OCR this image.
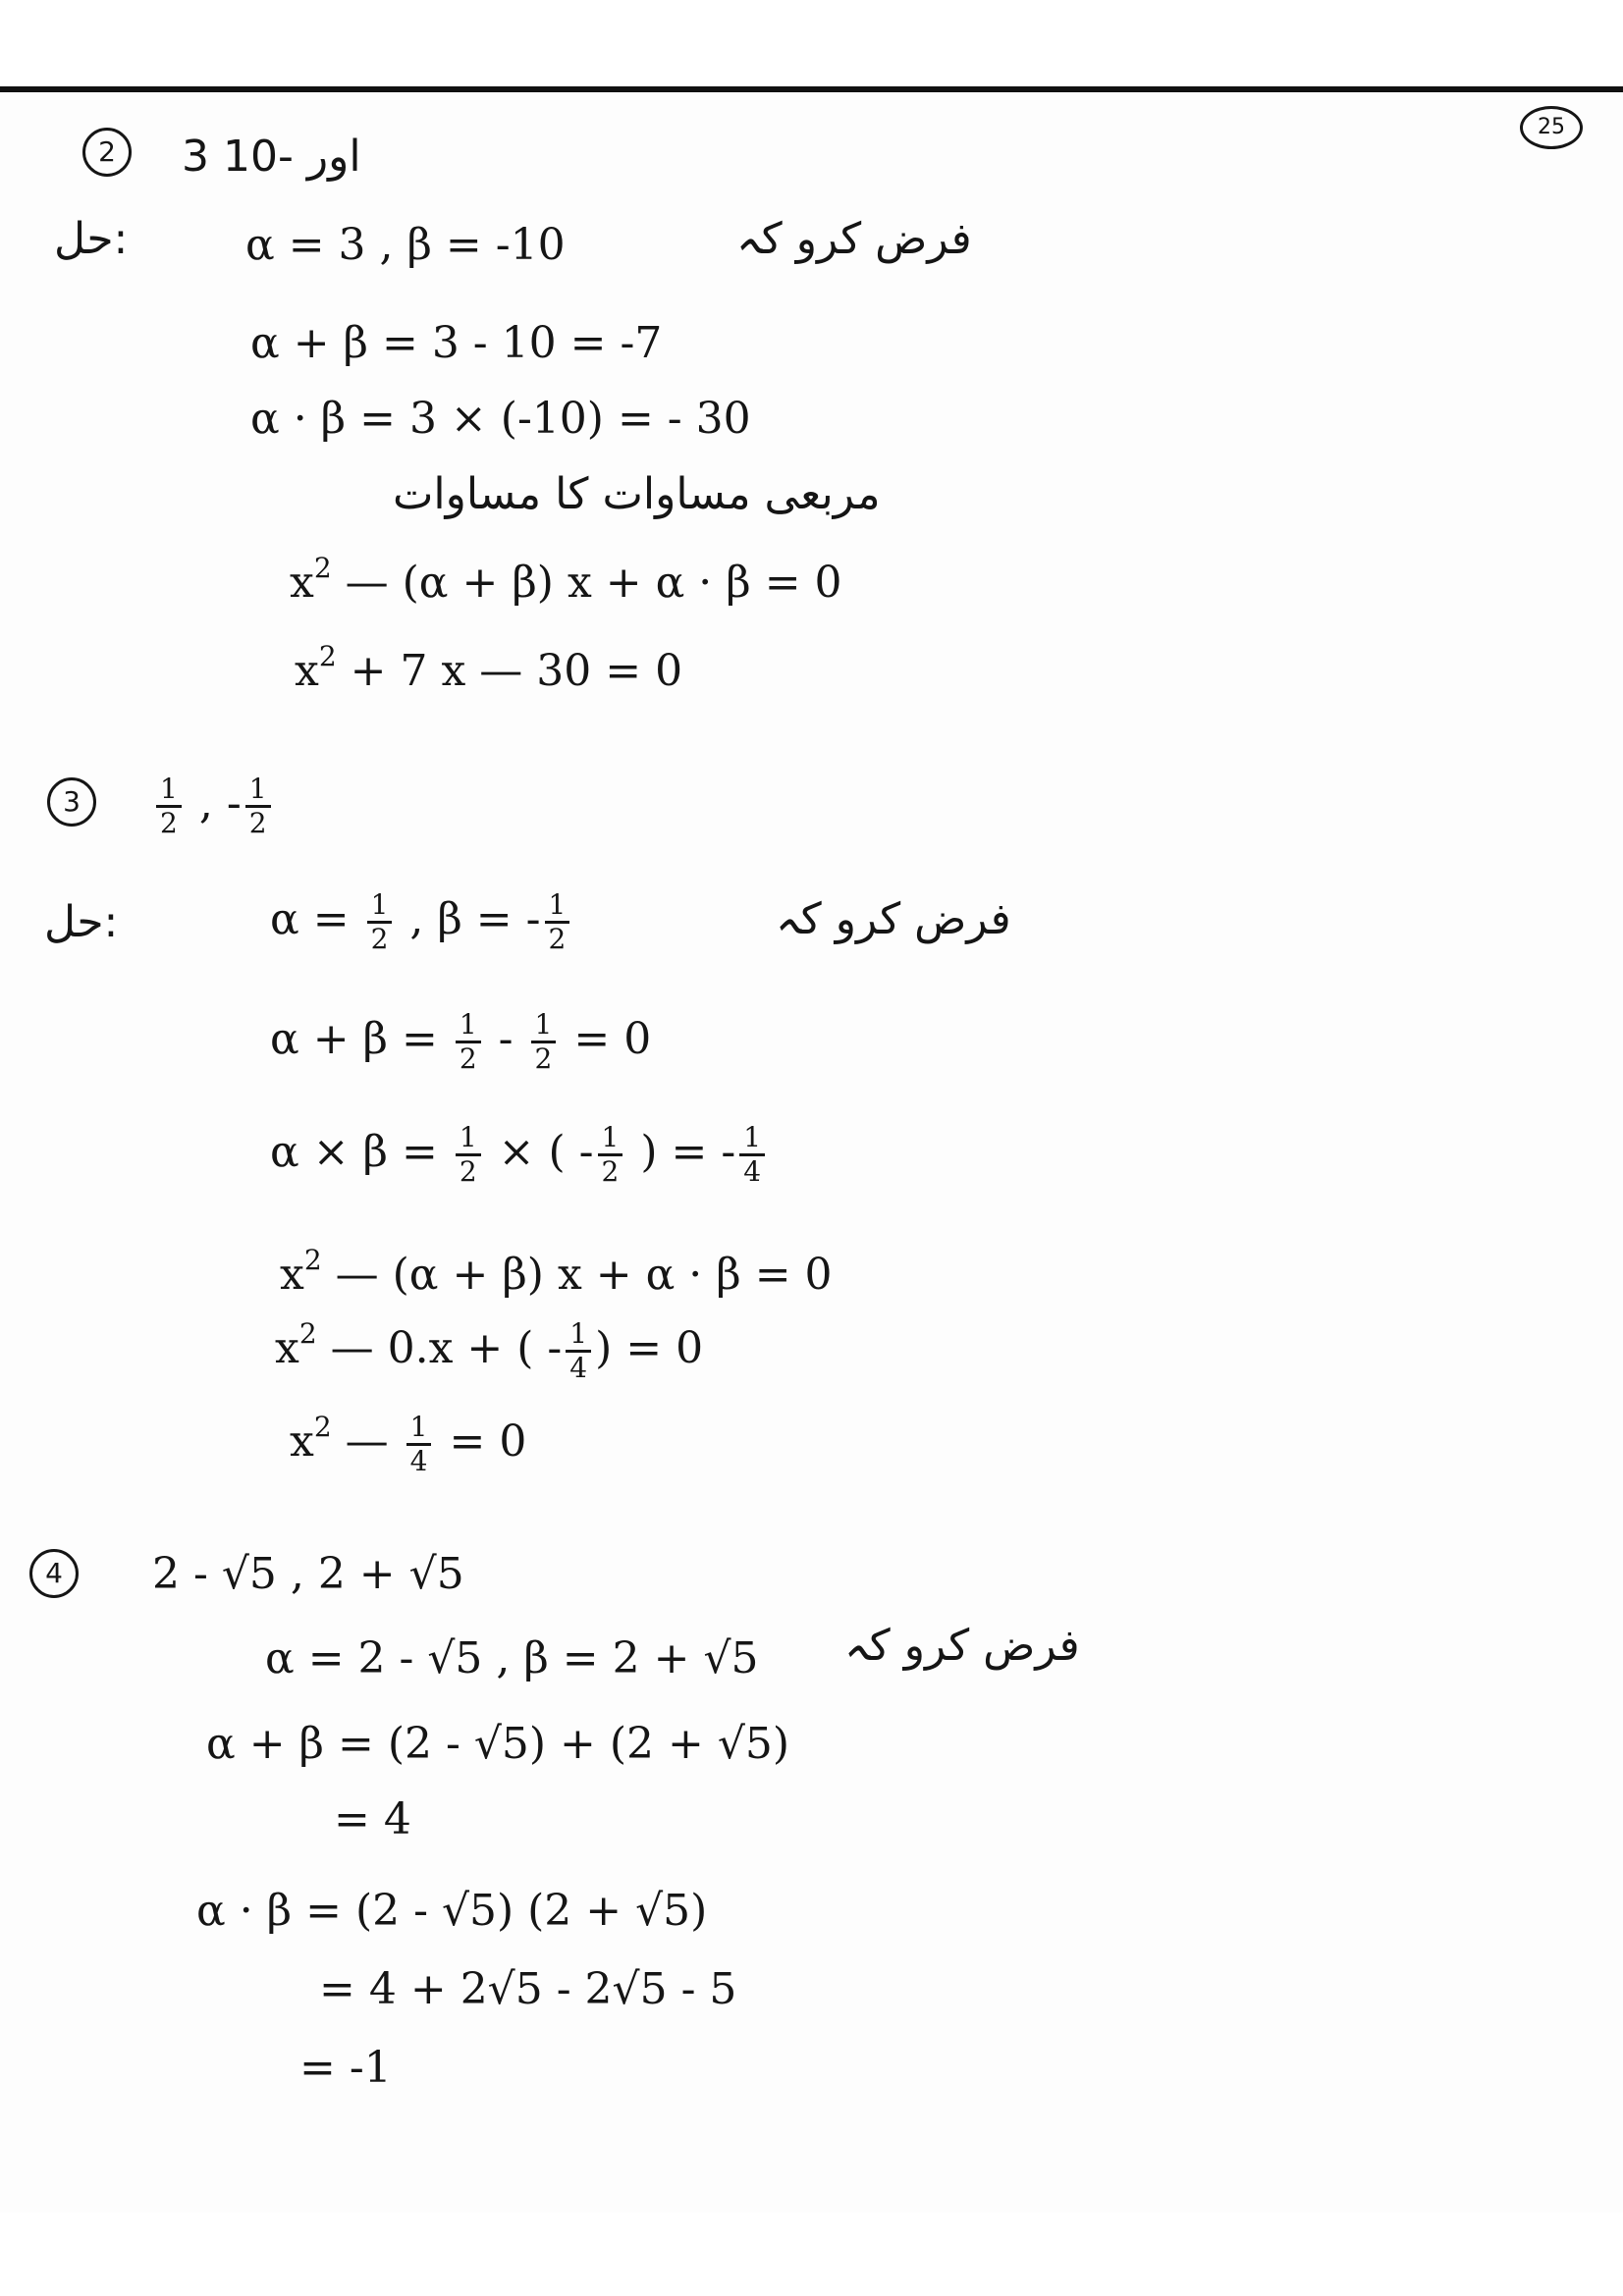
25
2	3 اور -10
:حل	α = 3 , β = -10	فرض کرو کہ
α + β = 3 - 10 = -7
α · β = 3 × (-10) = - 30
مربعی مساوات کا مساوات
$x^2$ — (α + β) x + α · β = 0
$x^2 + 7$ x — 30 = 0
3	$\frac{1}{2}$ , - $\frac{1}{2}$
:حل	$\alpha = \frac{1}{2}$ , β = - $\frac{1}{2}$	فرض کرو کہ
$\alpha + \beta = \frac{1}{2} - \frac{1}{2} = 0$
$\alpha \times \beta = \frac{1}{2}$ × ( - $\frac{1}{2}$ ) = - $\frac{1}{4}$
$x^2$ — (α + β) x + α · β = 0
$x^2$ — 0.x + ( - $\frac{1}{4}$ ) = 0
$x^2$ — $\frac{1}{4} = 0$
4	2 - √5 , 2 + √5
α = 2 - √5 , β = 2 + √5 فرض کرو کہ
α + β = (2 - √5) + (2 + √5)
= 4
α · β = (2 - √5) (2 + √5)
= 4 + 2√5 - 2√5 - 5
= -1
